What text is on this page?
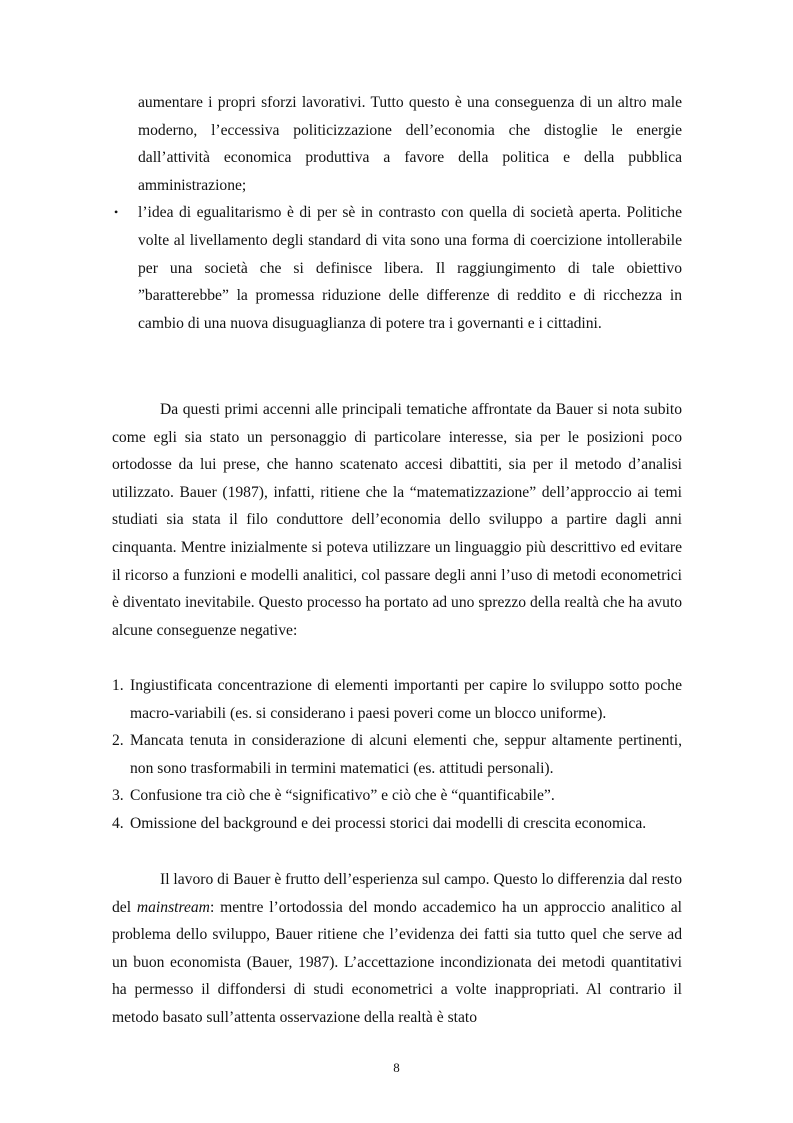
aumentare i propri sforzi lavorativi. Tutto questo è una conseguenza di un altro male moderno, l’eccessiva politicizzazione dell’economia che distoglie le energie dall’attività economica produttiva a favore della politica e della pubblica amministrazione;
• l’idea di egualitarismo è di per sè in contrasto con quella di società aperta. Politiche volte al livellamento degli standard di vita sono una forma di coercizione intollerabile per una società che si definisce libera. Il raggiungimento di tale obiettivo ”baratterebbe” la promessa riduzione delle differenze di reddito e di ricchezza in cambio di una nuova disuguaglianza di potere tra i governanti e i cittadini.

Da questi primi accenni alle principali tematiche affrontate da Bauer si nota subito come egli sia stato un personaggio di particolare interesse, sia per le posizioni poco ortodosse da lui prese, che hanno scatenato accesi dibattiti, sia per il metodo d’analisi utilizzato. Bauer (1987), infatti, ritiene che la “matematizzazione” dell’approccio ai temi studiati sia stata il filo conduttore dell’economia dello sviluppo a partire dagli anni cinquanta. Mentre inizialmente si poteva utilizzare un linguaggio più descrittivo ed evitare il ricorso a funzioni e modelli analitici, col passare degli anni l’uso di metodi econometrici è diventato inevitabile. Questo processo ha portato ad uno sprezzo della realtà che ha avuto alcune conseguenze negative:

1. Ingiustificata concentrazione di elementi importanti per capire lo sviluppo sotto poche macro-variabili (es. si considerano i paesi poveri come un blocco uniforme).
2. Mancata tenuta in considerazione di alcuni elementi che, seppur altamente pertinenti, non sono trasformabili in termini matematici (es. attitudi personali).
3. Confusione tra ciò che è “significativo” e ciò che è “quantificabile”.
4. Omissione del background e dei processi storici dai modelli di crescita economica.

Il lavoro di Bauer è frutto dell’esperienza sul campo. Questo lo differenzia dal resto del mainstream: mentre l’ortodossia del mondo accademico ha un approccio analitico al problema dello sviluppo, Bauer ritiene che l’evidenza dei fatti sia tutto quel che serve ad un buon economista (Bauer, 1987). L’accettazione incondizionata dei metodi quantitativi ha permesso il diffondersi di studi econometrici a volte inappropriati. Al contrario il metodo basato sull’attenta osservazione della realtà è stato

8
